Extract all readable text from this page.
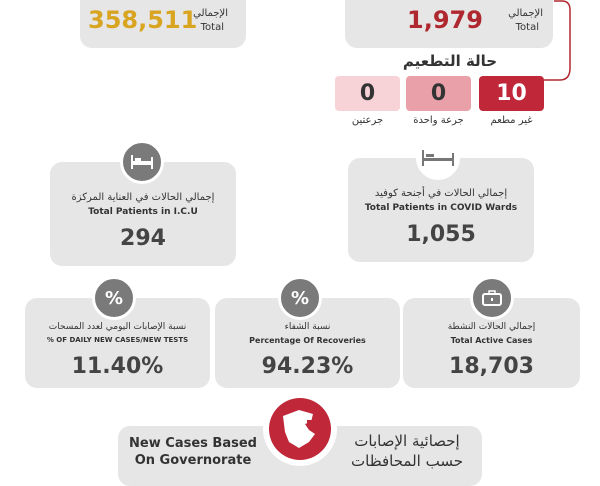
358,511
الإجمالي
Total	1,979	الإجمالي
Total
حالة التطعيم
10
0
0
غير مطعم
جرعة واحدة
جرعتين
إجمالي الحالات في العناية المركزة
Total Patients in I.C.U
294
إجمالي الحالات في أجنحة كوفيد
Total Patients in COVID Wards
1,055
نسبة الإصابات اليومي لعدد المسحات
% OF DAILY NEW CASES/NEW TESTS
11.40%
%
نسبة الشفاء
Percentage Of Recoveries
94.23%
%
إجمالي الحالات النشطة
Total Active Cases
18,703
New Cases Based
On Governorate
إحصائية الإصابات
حسب المحافظات
